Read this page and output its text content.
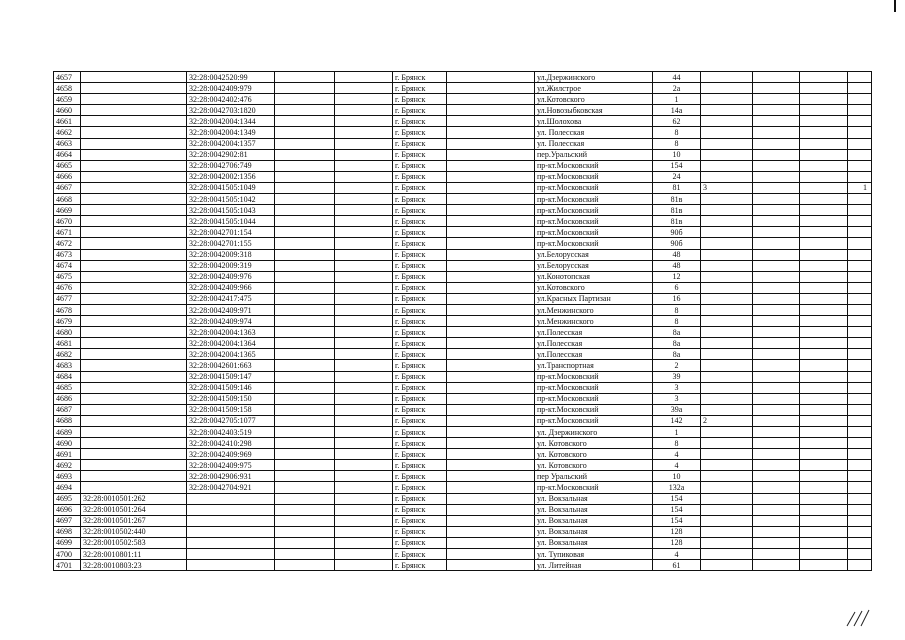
4657		32:28:0042520:99			г. Брянск		ул.Дзержинского	44				
4658		32:28:0042409:979			г. Брянск		ул.Жилстрое	2а				
4659		32:28:0042402:476			г. Брянск		ул.Котовского	1				
4660		32:28:0042703:1820			г. Брянск		ул.Новозыбковская	14а				
4661		32:28:0042004:1344			г. Брянск		ул.Шолохова	62				
4662		32:28:0042004:1349			г. Брянск		ул. Полесская	8				
4663		32:28:0042004:1357			г. Брянск		ул. Полесская	8				
4664		32:28:0042902:81			г. Брянск		пер.Уральский	10				
4665		32:28:0042706:749			г. Брянск		пр-кт.Московский	154				
4666		32:28:0042002:1356			г. Брянск		пр-кт.Московский	24				
4667		32:28:0041505:1049			г. Брянск		пр-кт.Московский	81	3			1
4668		32:28:0041505:1042			г. Брянск		пр-кт.Московский	81в				
4669		32:28:0041505:1043			г. Брянск		пр-кт.Московский	81в				
4670		32:28:0041505:1044			г. Брянск		пр-кт.Московский	81в				
4671		32:28:0042701:154			г. Брянск		пр-кт.Московский	90б				
4672		32:28:0042701:155			г. Брянск		пр-кт.Московский	90б				
4673		32:28:0042009:318			г. Брянск		ул.Белорусская	48				
4674		32:28:0042009:319			г. Брянск		ул.Белорусская	48				
4675		32:28:0042409:976			г. Брянск		ул.Конотопская	12				
4676		32:28:0042409:966			г. Брянск		ул.Котовского	6				
4677		32:28:0042417:475			г. Брянск		ул.Красных Партизан	16				
4678		32:28:0042409:971			г. Брянск		ул.Менжинского	8				
4679		32:28:0042409:974			г. Брянск		ул.Менжинского	8				
4680		32:28:0042004:1363			г. Брянск		ул.Полесская	8а				
4681		32:28:0042004:1364			г. Брянск		ул.Полесская	8а				
4682		32:28:0042004:1365			г. Брянск		ул.Полесская	8а				
4683		32:28:0042601:663			г. Брянск		ул.Транспортная	2				
4684		32:28:0041509:147			г. Брянск		пр-кт.Московский	39				
4685		32:28:0041509:146			г. Брянск		пр-кт.Московский	3				
4686		32:28:0041509:150			г. Брянск		пр-кт.Московский	3				
4687		32:28:0041509:158			г. Брянск		пр-кт.Московский	39а				
4688		32:28:0042705:1077			г. Брянск		пр-кт.Московский	142	2			
4689		32:28:0042403:519			г. Брянск		ул. Дзержинского	1				
4690		32:28:0042410:298			г. Брянск		ул. Котовского	8				
4691		32:28:0042409:969			г. Брянск		ул. Котовского	4				
4692		32:28:0042409:975			г. Брянск		ул. Котовского	4				
4693		32:28:0042906:931			г. Брянск		пер Уральский	10				
4694		32:28:0042704:921			г. Брянск		пр-кт.Московский	132а				
4695	32:28:0010501:262				г. Брянск		ул. Вокзальная	154				
4696	32:28:0010501:264				г. Брянск		ул. Вокзальная	154				
4697	32:28:0010501:267				г. Брянск		ул. Вокзальная	154				
4698	32:28:0010502:440				г. Брянск		ул. Вокзальная	128				
4699	32:28:0010502:583				г. Брянск		ул. Вокзальная	128				
4700	32:28:0010801:11				г. Брянск		ул. Тупиковая	4				
4701	32:28:0010803:23				г. Брянск		ул. Литейная	61				
